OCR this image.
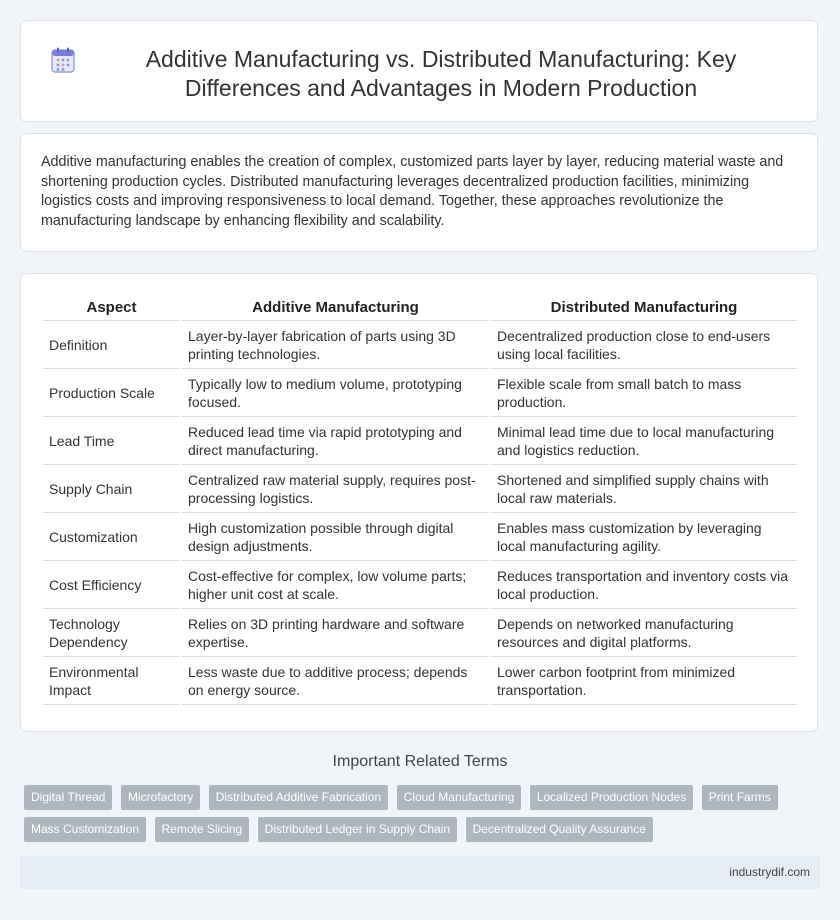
Additive Manufacturing vs. Distributed Manufacturing: Key Differences and Advantages in Modern Production

Additive manufacturing enables the creation of complex, customized parts layer by layer, reducing material waste and shortening production cycles. Distributed manufacturing leverages decentralized production facilities, minimizing logistics costs and improving responsiveness to local demand. Together, these approaches revolutionize the manufacturing landscape by enhancing flexibility and scalability.

Aspect	Additive Manufacturing	Distributed Manufacturing
Definition	Layer-by-layer fabrication of parts using 3D printing technologies.	Decentralized production close to end-users using local facilities.
Production Scale	Typically low to medium volume, prototyping focused.	Flexible scale from small batch to mass production.
Lead Time	Reduced lead time via rapid prototyping and direct manufacturing.	Minimal lead time due to local manufacturing and logistics reduction.
Supply Chain	Centralized raw material supply, requires post-processing logistics.	Shortened and simplified supply chains with local raw materials.
Customization	High customization possible through digital design adjustments.	Enables mass customization by leveraging local manufacturing agility.
Cost Efficiency	Cost-effective for complex, low volume parts; higher unit cost at scale.	Reduces transportation and inventory costs via local production.
Technology Dependency	Relies on 3D printing hardware and software expertise.	Depends on networked manufacturing resources and digital platforms.
Environmental Impact	Less waste due to additive process; depends on energy source.	Lower carbon footprint from minimized transportation.
Important Related Terms
Digital Thread Microfactory Distributed Additive Fabrication Cloud Manufacturing Localized Production Nodes Print Farms Mass Customization Remote Slicing Distributed Ledger in Supply Chain Decentralized Quality Assurance
industrydif.com
